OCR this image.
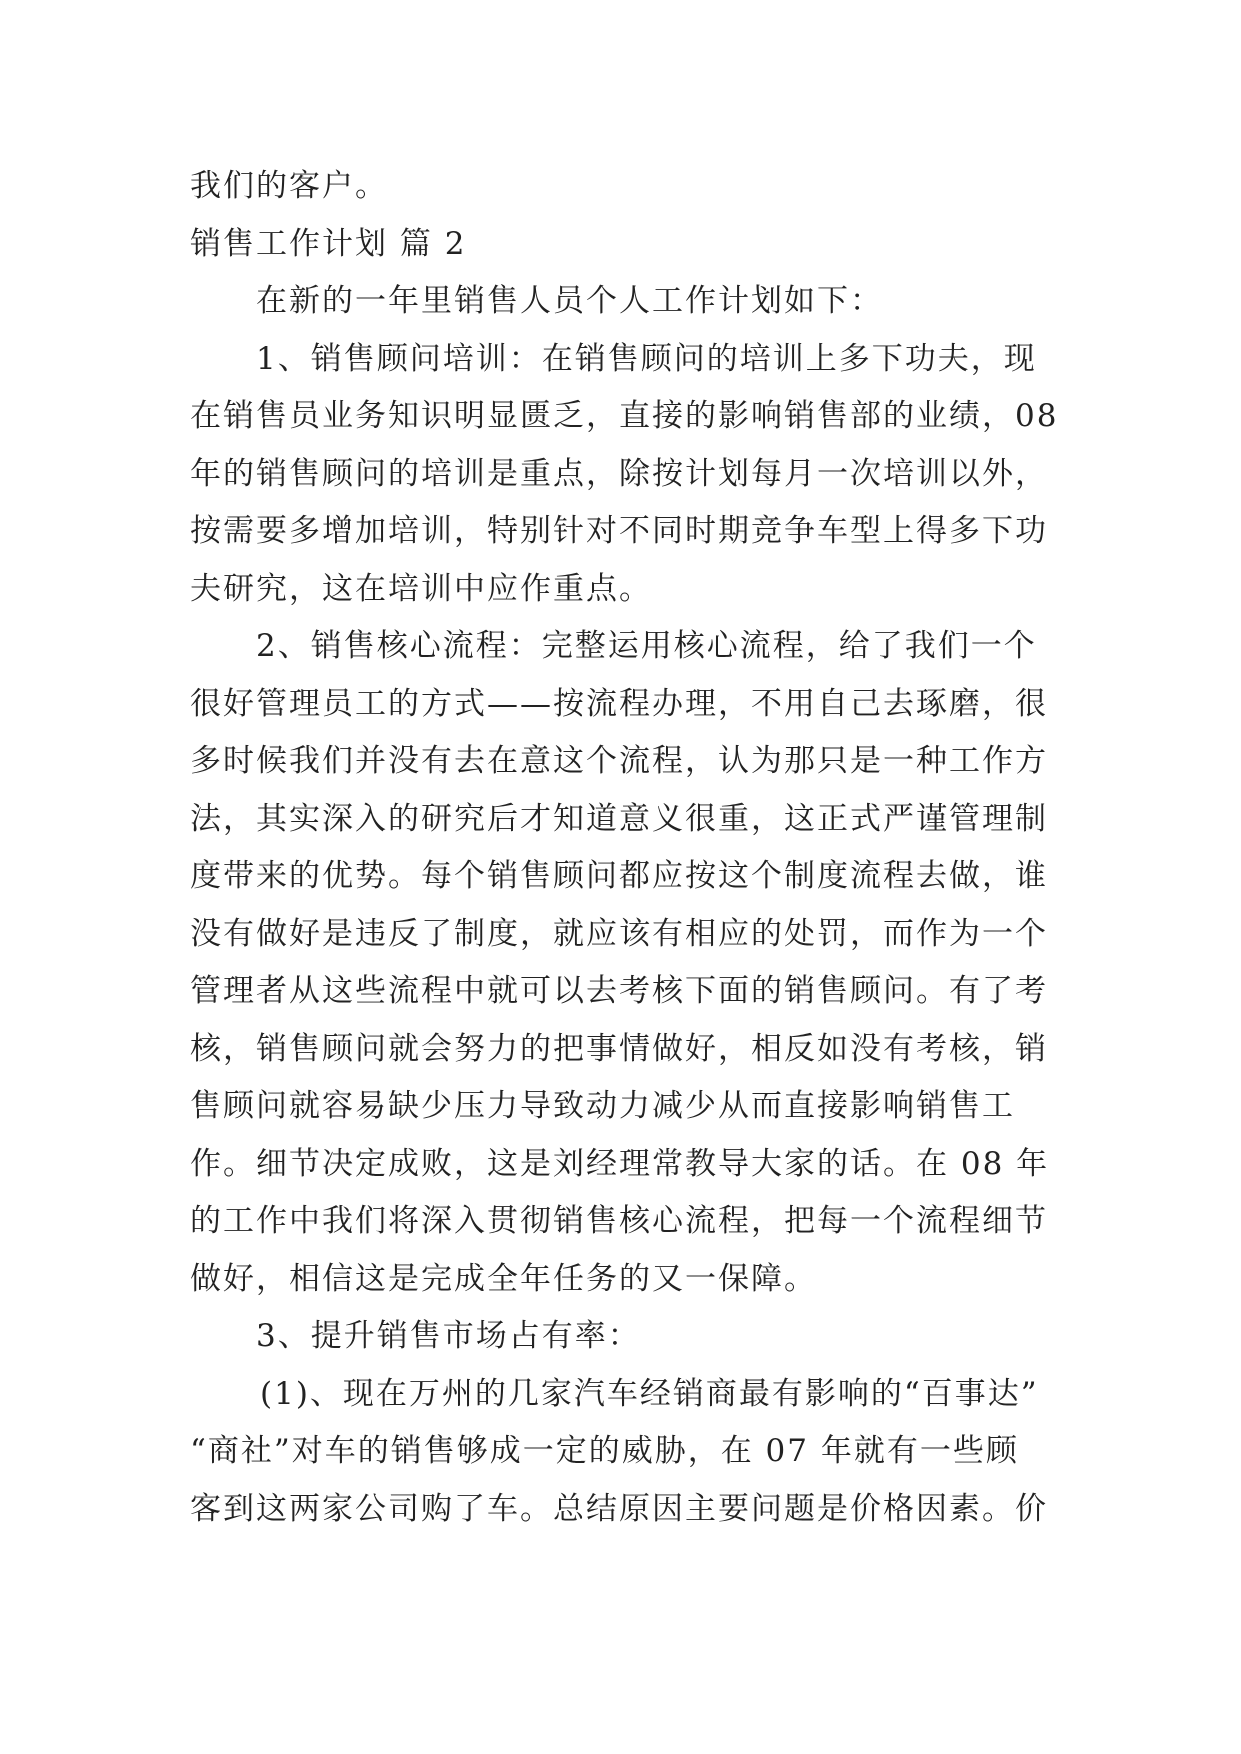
我们的客户。
销售工作计划 篇 2
在新的一年里销售人员个人工作计划如下：
1、销售顾问培训：在销售顾问的培训上多下功夫，现
在销售员业务知识明显匮乏，直接的影响销售部的业绩，08
年的销售顾问的培训是重点，除按计划每月一次培训以外，
按需要多增加培训，特别针对不同时期竞争车型上得多下功
夫研究，这在培训中应作重点。
2、销售核心流程：完整运用核心流程，给了我们一个
很好管理员工的方式——按流程办理，不用自己去琢磨，很
多时候我们并没有去在意这个流程，认为那只是一种工作方
法，其实深入的研究后才知道意义很重，这正式严谨管理制
度带来的优势。每个销售顾问都应按这个制度流程去做，谁
没有做好是违反了制度，就应该有相应的处罚，而作为一个
管理者从这些流程中就可以去考核下面的销售顾问。有了考
核，销售顾问就会努力的把事情做好，相反如没有考核，销
售顾问就容易缺少压力导致动力减少从而直接影响销售工
作。细节决定成败，这是刘经理常教导大家的话。在 08 年
的工作中我们将深入贯彻销售核心流程，把每一个流程细节
做好，相信这是完成全年任务的又一保障。
3、提升销售市场占有率：
(1)、现在万州的几家汽车经销商最有影响的“百事达”
“商社”对车的销售够成一定的威胁，在 07 年就有一些顾
客到这两家公司购了车。总结原因主要问题是价格因素。价
